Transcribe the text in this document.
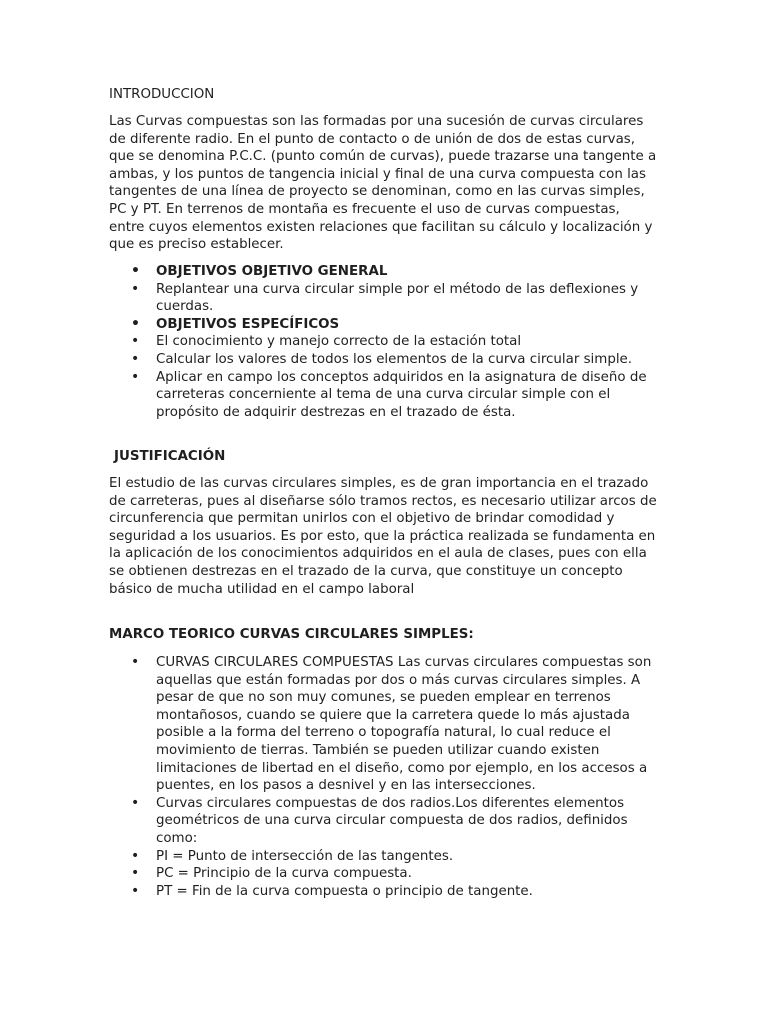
INTRODUCCION

Las Curvas compuestas son las formadas por una sucesión de curvas circulares de diferente radio. En el punto de contacto o de unión de dos de estas curvas, que se denomina P.C.C. (punto común de curvas), puede trazarse una tangente a ambas, y los puntos de tangencia inicial y final de una curva compuesta con las tangentes de una línea de proyecto se denominan, como en las curvas simples, PC y PT. En terrenos de montaña es frecuente el uso de curvas compuestas, entre cuyos elementos existen relaciones que facilitan su cálculo y localización y que es preciso establecer.

• OBJETIVOS OBJETIVO GENERAL
• Replantear una curva circular simple por el método de las deflexiones y cuerdas.
• OBJETIVOS ESPECÍFICOS
• El conocimiento y manejo correcto de la estación total
• Calcular los valores de todos los elementos de la curva circular simple.
• Aplicar en campo los conceptos adquiridos en la asignatura de diseño de carreteras concerniente al tema de una curva circular simple con el propósito de adquirir destrezas en el trazado de ésta.
JUSTIFICACIÓN

El estudio de las curvas circulares simples, es de gran importancia en el trazado de carreteras, pues al diseñarse sólo tramos rectos, es necesario utilizar arcos de circunferencia que permitan unirlos con el objetivo de brindar comodidad y seguridad a los usuarios. Es por esto, que la práctica realizada se fundamenta en la aplicación de los conocimientos adquiridos en el aula de clases, pues con ella se obtienen destrezas en el trazado de la curva, que constituye un concepto básico de mucha utilidad en el campo laboral

MARCO TEORICO CURVAS CIRCULARES SIMPLES:
• CURVAS CIRCULARES COMPUESTAS Las curvas circulares compuestas son aquellas que están formadas por dos o más curvas circulares simples. A pesar de que no son muy comunes, se pueden emplear en terrenos montañosos, cuando se quiere que la carretera quede lo más ajustada posible a la forma del terreno o topografía natural, lo cual reduce el movimiento de tierras. También se pueden utilizar cuando existen limitaciones de libertad en el diseño, como por ejemplo, en los accesos a puentes, en los pasos a desnivel y en las intersecciones.
• Curvas circulares compuestas de dos radios.Los diferentes elementos geométricos de una curva circular compuesta de dos radios, definidos como:
• PI = Punto de intersección de las tangentes.
• PC = Principio de la curva compuesta.
• PT = Fin de la curva compuesta o principio de tangente.
